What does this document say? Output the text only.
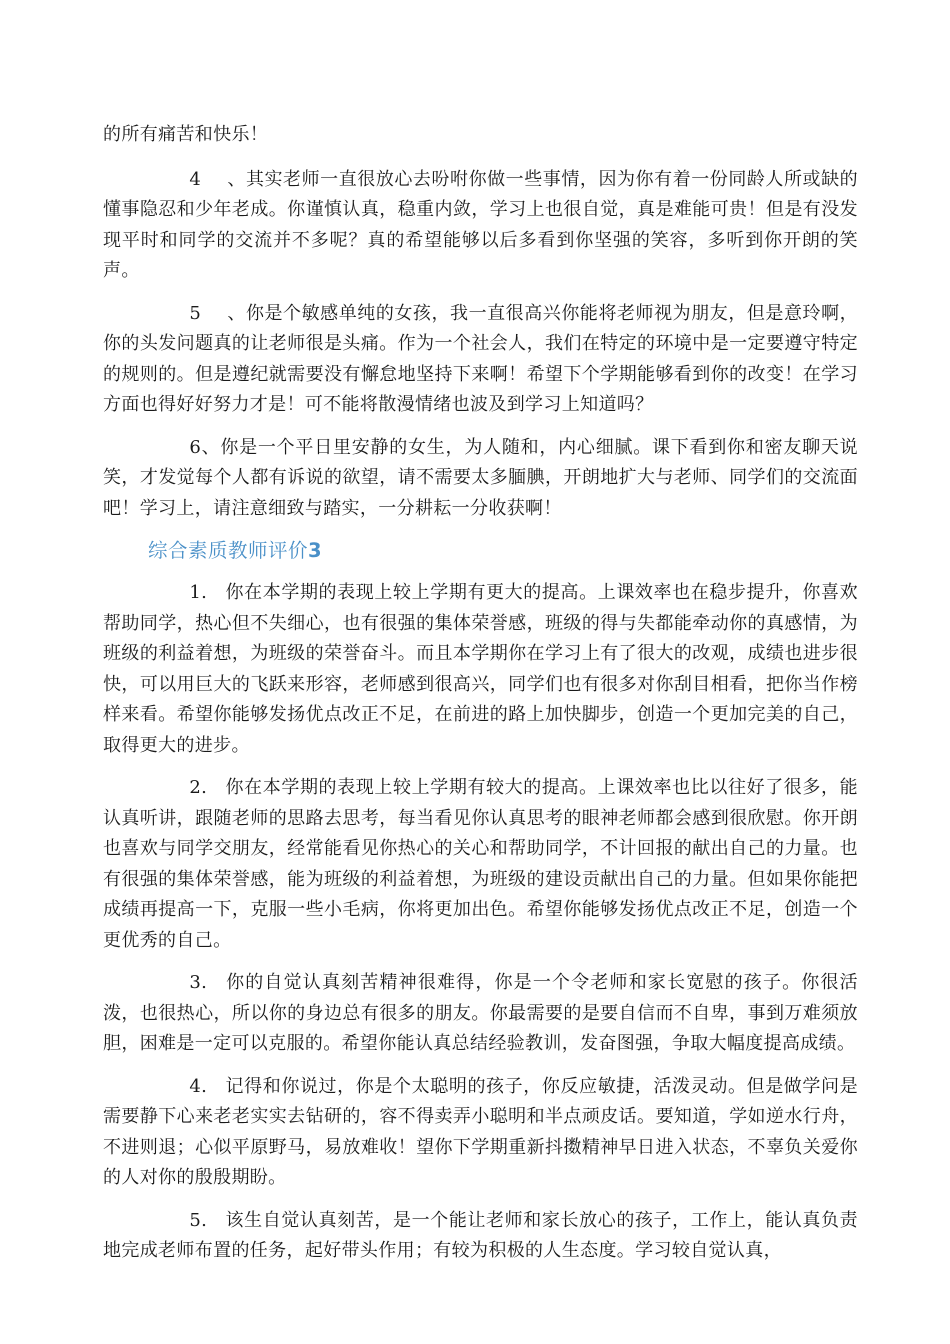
的所有痛苦和快乐！

4 、其实老师一直很放心去吩咐你做一些事情，因为你有着一份同龄人所或缺的懂事隐忍和少年老成。你谨慎认真，稳重内敛，学习上也很自觉，真是难能可贵！但是有没发现平时和同学的交流并不多呢？真的希望能够以后多看到你坚强的笑容，多听到你开朗的笑声。

5 、你是个敏感单纯的女孩，我一直很高兴你能将老师视为朋友，但是意玲啊，你的头发问题真的让老师很是头痛。作为一个社会人，我们在特定的环境中是一定要遵守特定的规则的。但是遵纪就需要没有懈怠地坚持下来啊！希望下个学期能够看到你的改变！在学习方面也得好好努力才是！可不能将散漫情绪也波及到学习上知道吗？

6、你是一个平日里安静的女生，为人随和，内心细腻。课下看到你和密友聊天说笑，才发觉每个人都有诉说的欲望，请不需要太多腼腆，开朗地扩大与老师、同学们的交流面吧！学习上，请注意细致与踏实，一分耕耘一分收获啊！

综合素质教师评价3

1. 你在本学期的表现上较上学期有更大的提高。上课效率也在稳步提升，你喜欢帮助同学，热心但不失细心，也有很强的集体荣誉感，班级的得与失都能牵动你的真感情，为班级的利益着想，为班级的荣誉奋斗。而且本学期你在学习上有了很大的改观，成绩也进步很快，可以用巨大的飞跃来形容，老师感到很高兴，同学们也有很多对你刮目相看，把你当作榜样来看。希望你能够发扬优点改正不足，在前进的路上加快脚步，创造一个更加完美的自己，取得更大的进步。

2. 你在本学期的表现上较上学期有较大的提高。上课效率也比以往好了很多，能认真听讲，跟随老师的思路去思考，每当看见你认真思考的眼神老师都会感到很欣慰。你开朗也喜欢与同学交朋友，经常能看见你热心的关心和帮助同学，不计回报的献出自己的力量。也有很强的集体荣誉感，能为班级的利益着想，为班级的建设贡献出自己的力量。但如果你能把成绩再提高一下，克服一些小毛病，你将更加出色。希望你能够发扬优点改正不足，创造一个更优秀的自己。

3. 你的自觉认真刻苦精神很难得，你是一个令老师和家长宽慰的孩子。你很活泼，也很热心，所以你的身边总有很多的朋友。你最需要的是要自信而不自卑，事到万难须放胆，困难是一定可以克服的。希望你能认真总结经验教训，发奋图强，争取大幅度提高成绩。

4. 记得和你说过，你是个太聪明的孩子，你反应敏捷，活泼灵动。但是做学问是需要静下心来老老实实去钻研的，容不得卖弄小聪明和半点顽皮话。要知道，学如逆水行舟，不进则退；心似平原野马，易放难收！望你下学期重新抖擞精神早日进入状态，不辜负关爱你的人对你的殷殷期盼。

5. 该生自觉认真刻苦，是一个能让老师和家长放心的孩子，工作上，能认真负责地完成老师布置的任务，起好带头作用；有较为积极的人生态度。学习较自觉认真，
